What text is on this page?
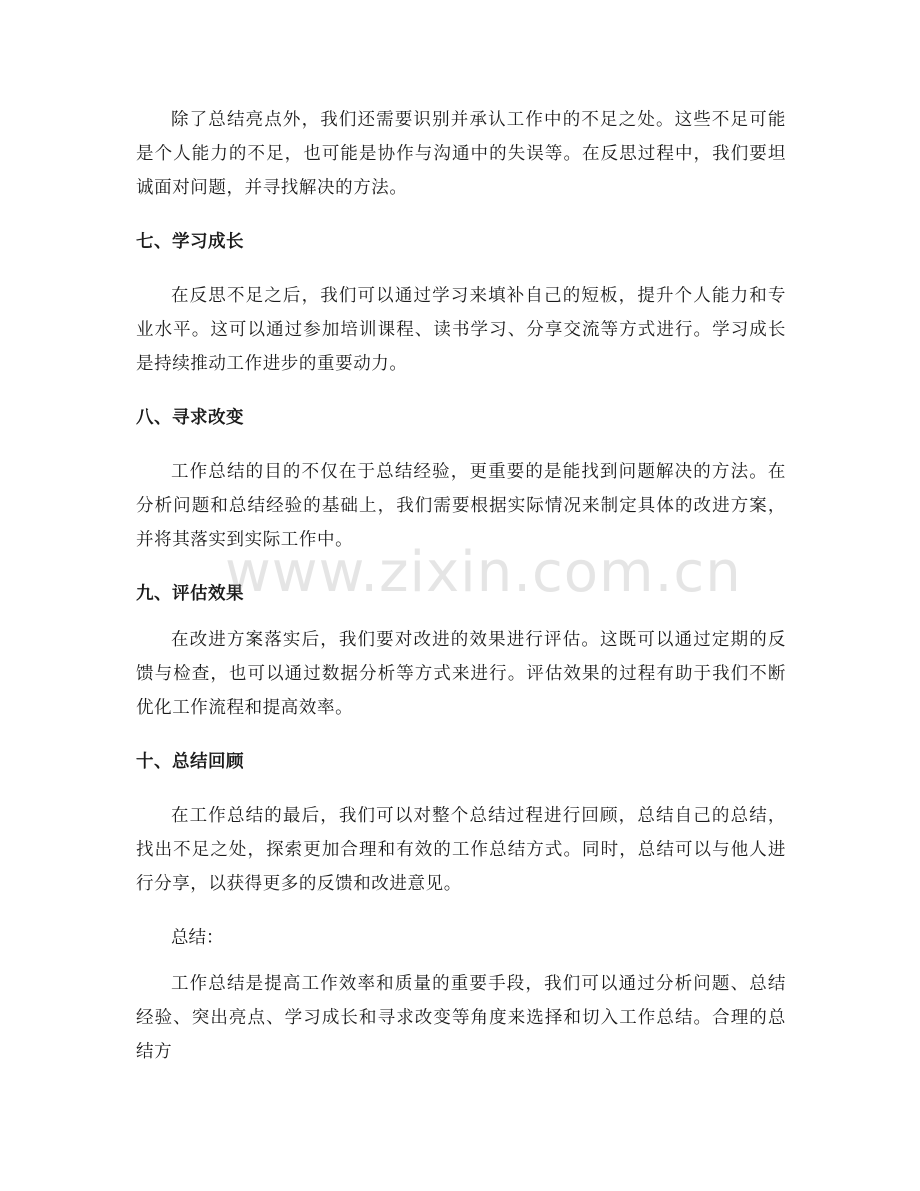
除了总结亮点外，我们还需要识别并承认工作中的不足之处。这些不足可能是个人能力的不足，也可能是协作与沟通中的失误等。在反思过程中，我们要坦诚面对问题，并寻找解决的方法。

七、学习成长

在反思不足之后，我们可以通过学习来填补自己的短板，提升个人能力和专业水平。这可以通过参加培训课程、读书学习、分享交流等方式进行。学习成长是持续推动工作进步的重要动力。

八、寻求改变

工作总结的目的不仅在于总结经验，更重要的是能找到问题解决的方法。在分析问题和总结经验的基础上，我们需要根据实际情况来制定具体的改进方案，并将其落实到实际工作中。

九、评估效果

在改进方案落实后，我们要对改进的效果进行评估。这既可以通过定期的反馈与检查，也可以通过数据分析等方式来进行。评估效果的过程有助于我们不断优化工作流程和提高效率。

十、总结回顾

在工作总结的最后，我们可以对整个总结过程进行回顾，总结自己的总结，找出不足之处，探索更加合理和有效的工作总结方式。同时，总结可以与他人进行分享，以获得更多的反馈和改进意见。

总结：

工作总结是提高工作效率和质量的重要手段，我们可以通过分析问题、总结经验、突出亮点、学习成长和寻求改变等角度来选择和切入工作总结。合理的总结方

www.zixin.com.cn
